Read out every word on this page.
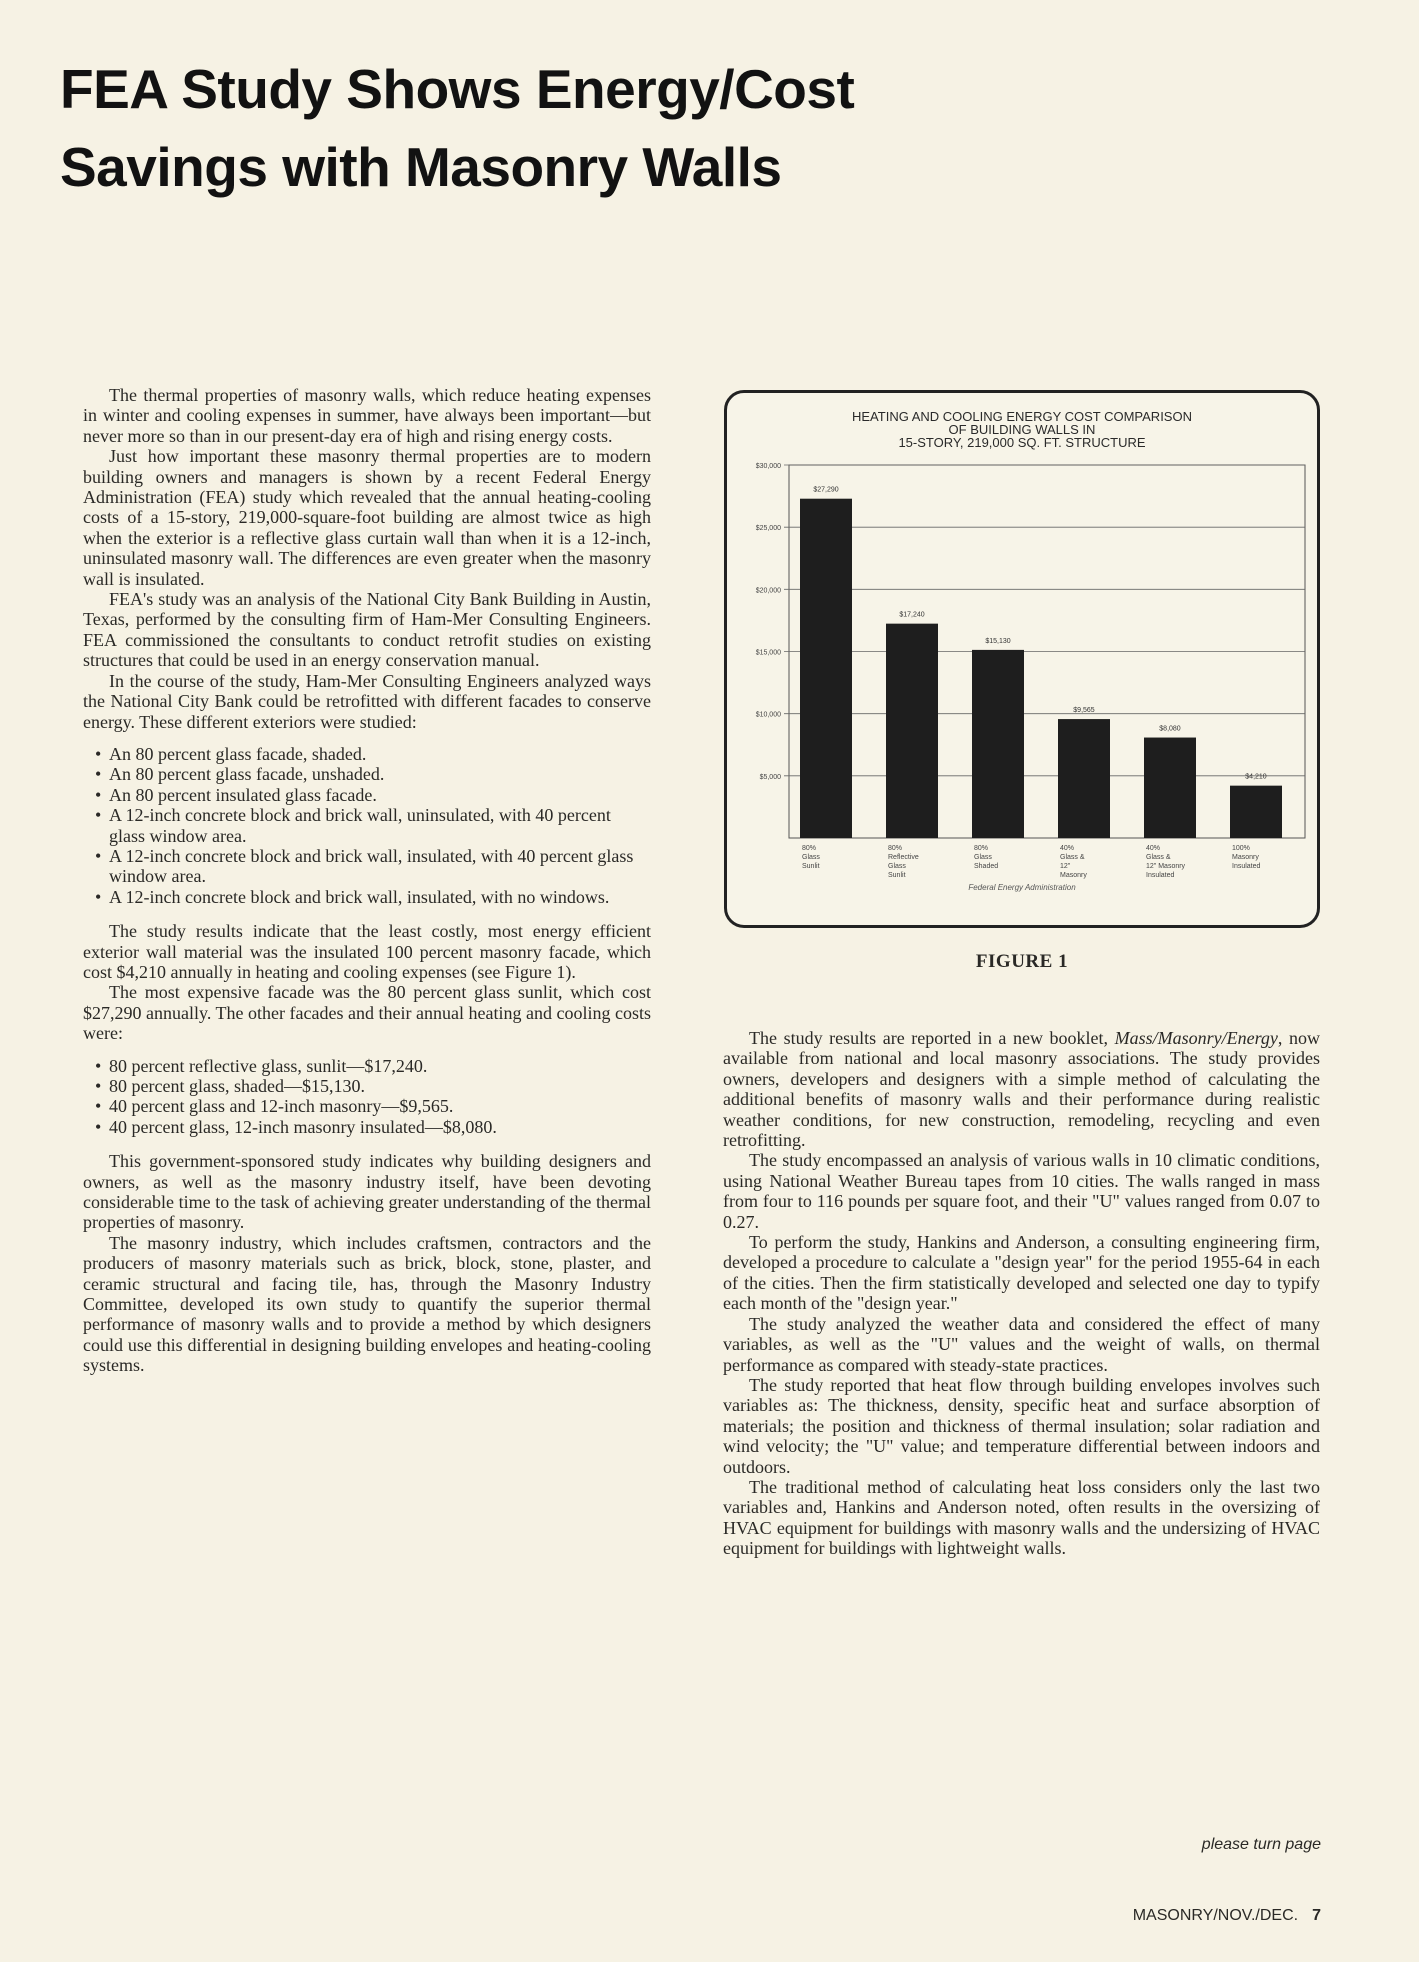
FEA Study Shows Energy/Cost
Savings with Masonry Walls

The thermal properties of masonry walls, which reduce heating expenses in winter and cooling expenses in summer, have always been important—but never more so than in our present-day era of high and rising energy costs.

Just how important these masonry thermal properties are to modern building owners and managers is shown by a recent Federal Energy Administration (FEA) study which revealed that the annual heating-cooling costs of a 15-story, 219,000-square-foot building are almost twice as high when the exterior is a reflective glass curtain wall than when it is a 12-inch, uninsulated masonry wall. The differences are even greater when the masonry wall is insulated.

FEA's study was an analysis of the National City Bank Building in Austin, Texas, performed by the consulting firm of Ham-Mer Consulting Engineers. FEA commissioned the consultants to conduct retrofit studies on existing structures that could be used in an energy conservation manual.

In the course of the study, Ham-Mer Consulting Engineers analyzed ways the National City Bank could be retrofitted with different facades to conserve energy. These different exteriors were studied:

• An 80 percent glass facade, shaded.
• An 80 percent glass facade, unshaded.
• An 80 percent insulated glass facade.
• A 12-inch concrete block and brick wall, uninsulated, with 40 percent glass window area.
• A 12-inch concrete block and brick wall, insulated, with 40 percent glass window area.
• A 12-inch concrete block and brick wall, insulated, with no windows.

The study results indicate that the least costly, most energy efficient exterior wall material was the insulated 100 percent masonry facade, which cost $4,210 annually in heating and cooling expenses (see Figure 1).

The most expensive facade was the 80 percent glass sunlit, which cost $27,290 annually. The other facades and their annual heating and cooling costs were:

• 80 percent reflective glass, sunlit—$17,240.
• 80 percent glass, shaded—$15,130.
• 40 percent glass and 12-inch masonry—$9,565.
• 40 percent glass, 12-inch masonry insulated—$8,080.

This government-sponsored study indicates why building designers and owners, as well as the masonry industry itself, have been devoting considerable time to the task of achieving greater understanding of the thermal properties of masonry.

The masonry industry, which includes craftsmen, contractors and the producers of masonry materials such as brick, block, stone, plaster, and ceramic structural and facing tile, has, through the Masonry Industry Committee, developed its own study to quantify the superior thermal performance of masonry walls and to provide a method by which designers could use this differential in designing building envelopes and heating-cooling systems.

HEATING AND COOLING ENERGY COST COMPARISON
OF BUILDING WALLS IN
15-STORY, 219,000 SQ. FT. STRUCTURE
$5,000
$10,000
$15,000
$20,000
$25,000
$30,000
$27,290
80%
Glass
Sunlit
$17,240
80%
Reflective
Glass
Sunlit
$15,130
80%
Glass
Shaded
$9,565
40%
Glass &
12"
Masonry
$8,080
40%
Glass &
12" Masonry
Insulated
$4,210
100%
Masonry
Insulated
Federal Energy Administration
FIGURE 1

The study results are reported in a new booklet, Mass/Masonry/Energy, now available from national and local masonry associations. The study provides owners, developers and designers with a simple method of calculating the additional benefits of masonry walls and their performance during realistic weather conditions, for new construction, remodeling, recycling and even retrofitting.

The study encompassed an analysis of various walls in 10 climatic conditions, using National Weather Bureau tapes from 10 cities. The walls ranged in mass from four to 116 pounds per square foot, and their "U" values ranged from 0.07 to 0.27.

To perform the study, Hankins and Anderson, a consulting engineering firm, developed a procedure to calculate a "design year" for the period 1955-64 in each of the cities. Then the firm statistically developed and selected one day to typify each month of the "design year."

The study analyzed the weather data and considered the effect of many variables, as well as the "U" values and the weight of walls, on thermal performance as compared with steady-state practices.

The study reported that heat flow through building envelopes involves such variables as: The thickness, density, specific heat and surface absorption of materials; the position and thickness of thermal insulation; solar radiation and wind velocity; the "U" value; and temperature differential between indoors and outdoors.

The traditional method of calculating heat loss considers only the last two variables and, Hankins and Anderson noted, often results in the oversizing of HVAC equipment for buildings with masonry walls and the undersizing of HVAC equipment for buildings with lightweight walls.

please turn page
MASONRY/NOV./DEC. 7
